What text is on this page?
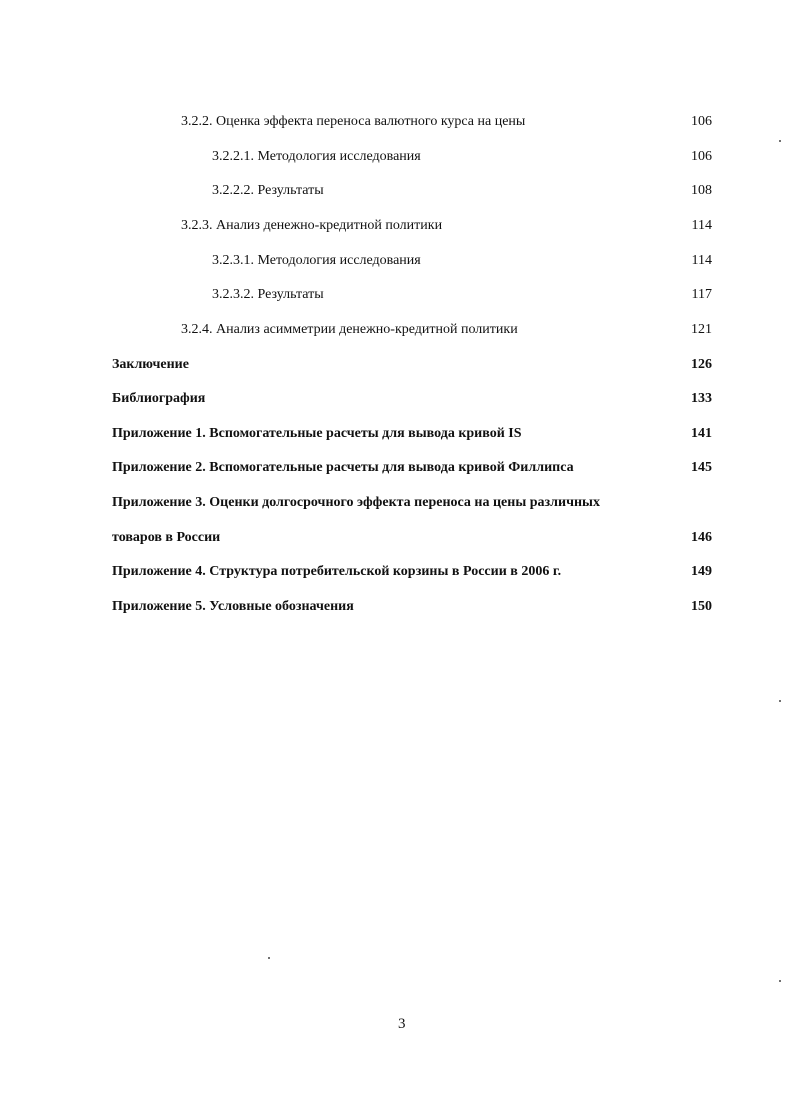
3.2.2. Оценка эффекта переноса валютного курса на цены	106
3.2.2.1. Методология исследования	106
3.2.2.2. Результаты	108
3.2.3. Анализ денежно-кредитной политики	114
3.2.3.1. Методология исследования	114
3.2.3.2. Результаты	117
3.2.4. Анализ асимметрии денежно-кредитной политики	121
Заключение	126
Библиография	133
Приложение 1. Вспомогательные расчеты для вывода кривой IS	141
Приложение 2. Вспомогательные расчеты для вывода кривой Филлипса	145
Приложение 3. Оценки долгосрочного эффекта переноса на цены различных
товаров в России	146
Приложение 4. Структура потребительской корзины в России в 2006 г.	149
Приложение 5. Условные обозначения	150
3
